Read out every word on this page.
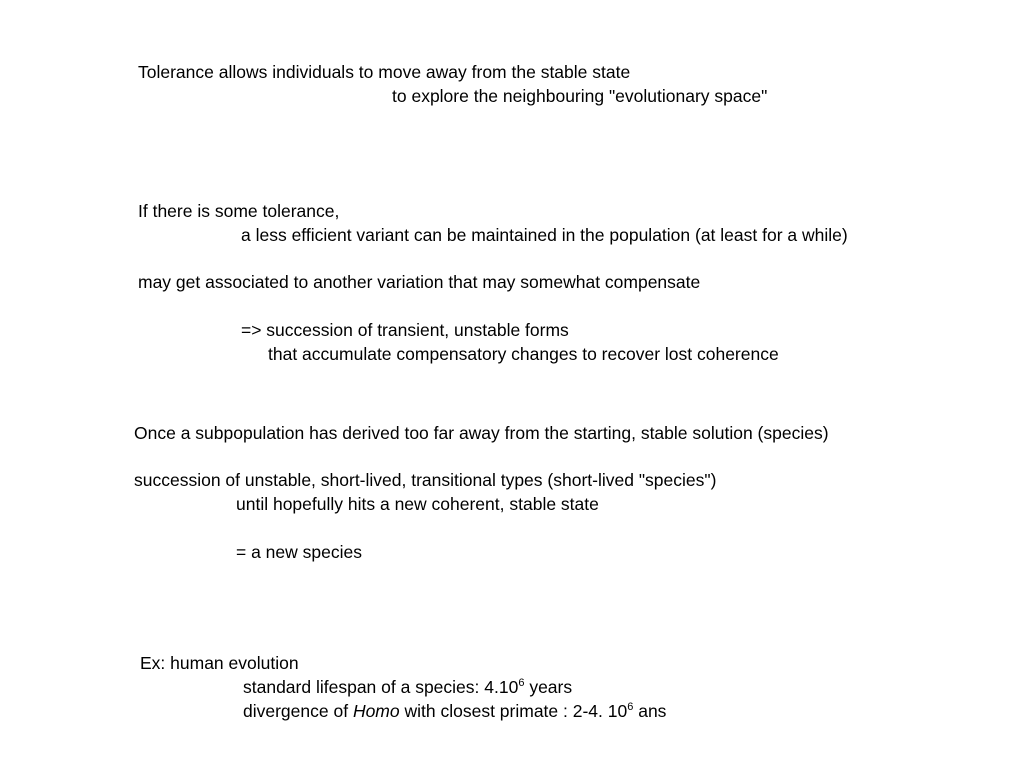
Tolerance allows individuals to move away from the stable state
to explore the neighbouring "evolutionary space"
If there is some tolerance,
a less efficient variant can be maintained in the population (at least for a while)
may get associated to another variation that may somewhat compensate
=> succession of transient, unstable forms
that accumulate compensatory changes to recover lost coherence
Once a subpopulation has derived too far away from the starting, stable solution (species)
succession of unstable, short-lived, transitional types (short-lived "species")
until hopefully hits a new coherent, stable state
= a new species
Ex: human evolution
standard lifespan of a species: 4.10$^6$ years
divergence of Homo with closest primate : 2-4. $10^6$ ans
